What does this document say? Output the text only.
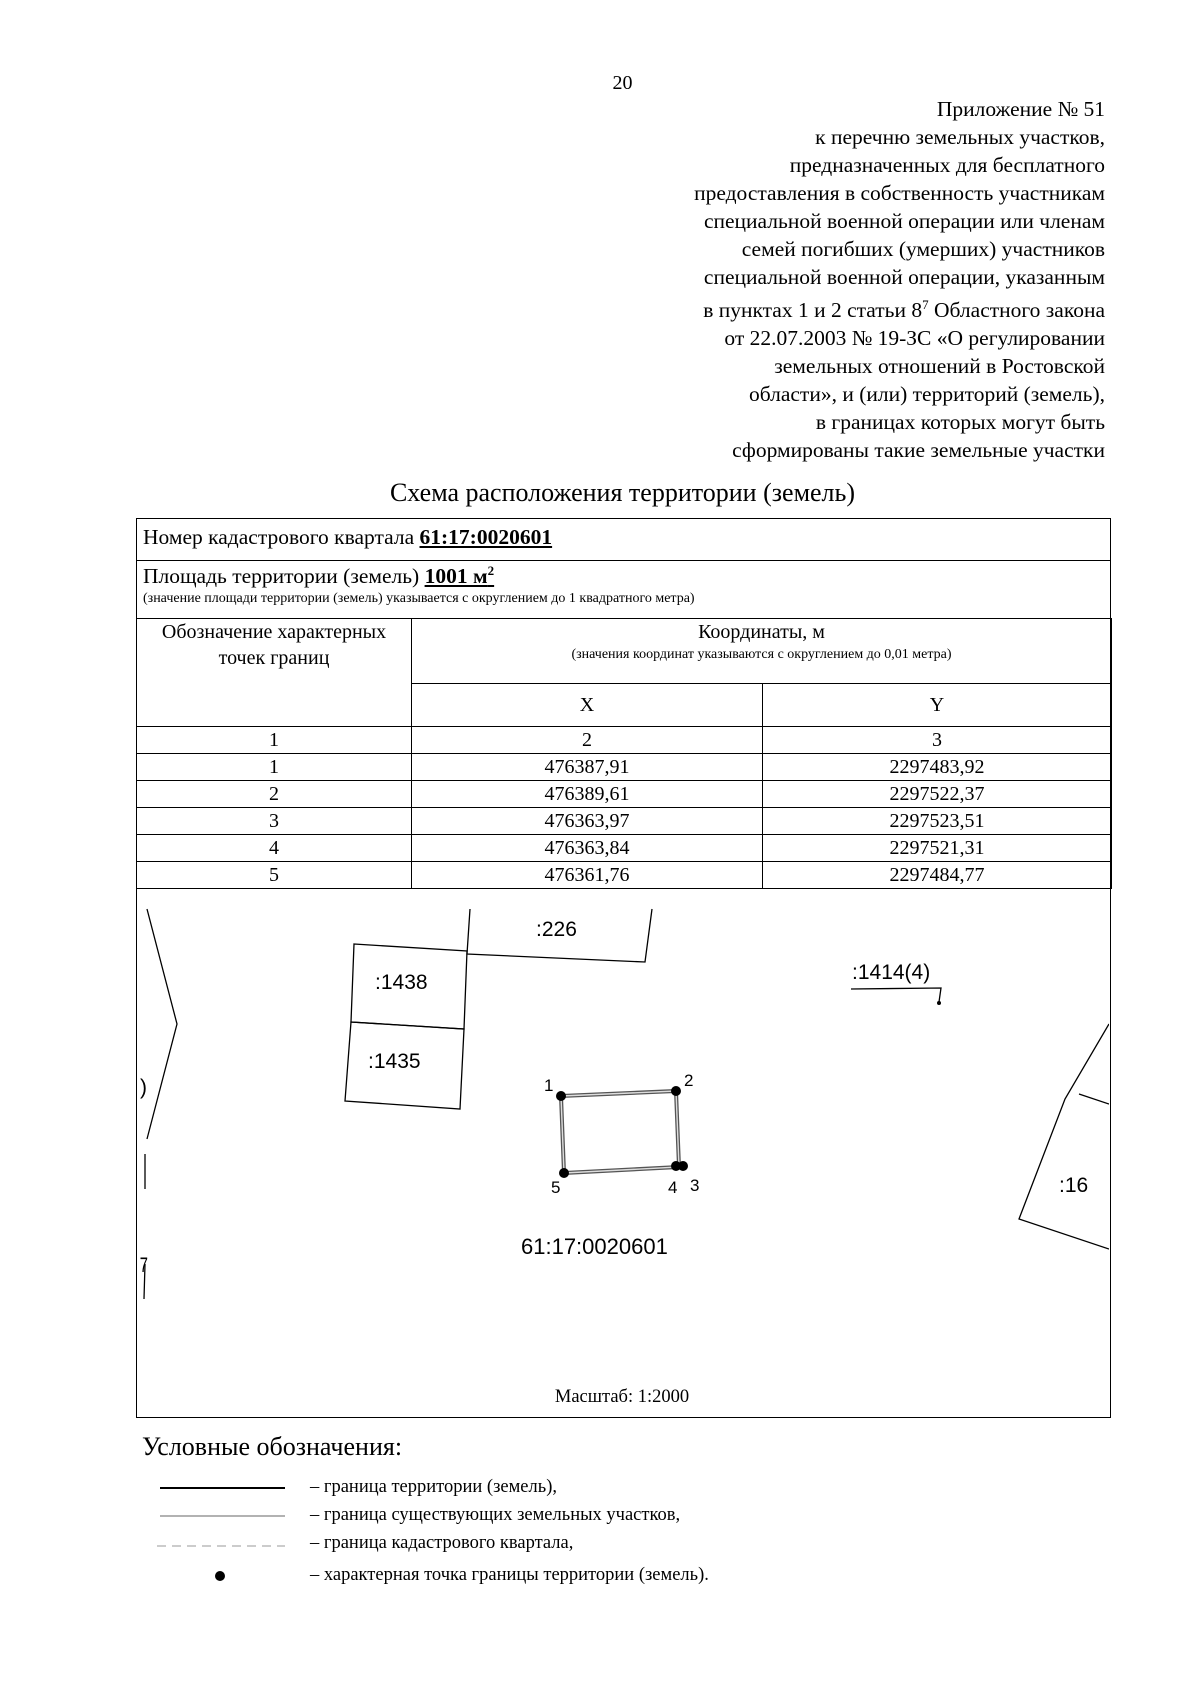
20
Приложение № 51
к перечню земельных участков,
предназначенных для бесплатного
предоставления в собственность участникам
специальной военной операции или членам
семей погибших (умерших) участников
специальной военной операции, указанным
в пунктах 1 и 2 статьи $8^7$ Областного закона
от 22.07.2003 № 19-ЗС «О регулировании
земельных отношений в Ростовской
области», и (или) территорий (земель),
в границах которых могут быть
сформированы такие земельные участки
Схема расположения территории (земель)
Номер кадастрового квартала 61:17:0020601
Площадь территории (земель) 1001 $м^2$
(значение площади территории (земель) указывается с округлением до 1 квадратного метра)
Обозначение характерных точек границ	Координаты, м
(значения координат указываются с округлением до 0,01 метра)	

	X	Y
1	2	3
1	476387,91	2297483,92
2	476389,61	2297522,37
3	476363,97	2297523,51
4	476363,84	2297521,31
5	476361,76	2297484,77
:226
:1438
:1435
:1414(4)
:16
)
7
61:17:0020601
1	2
3
4
5
Масштаб: 1:2000
Условные обозначения:
– граница территории (земель),
– граница существующих земельных участков,
– граница кадастрового квартала,
– характерная точка границы территории (земель).
